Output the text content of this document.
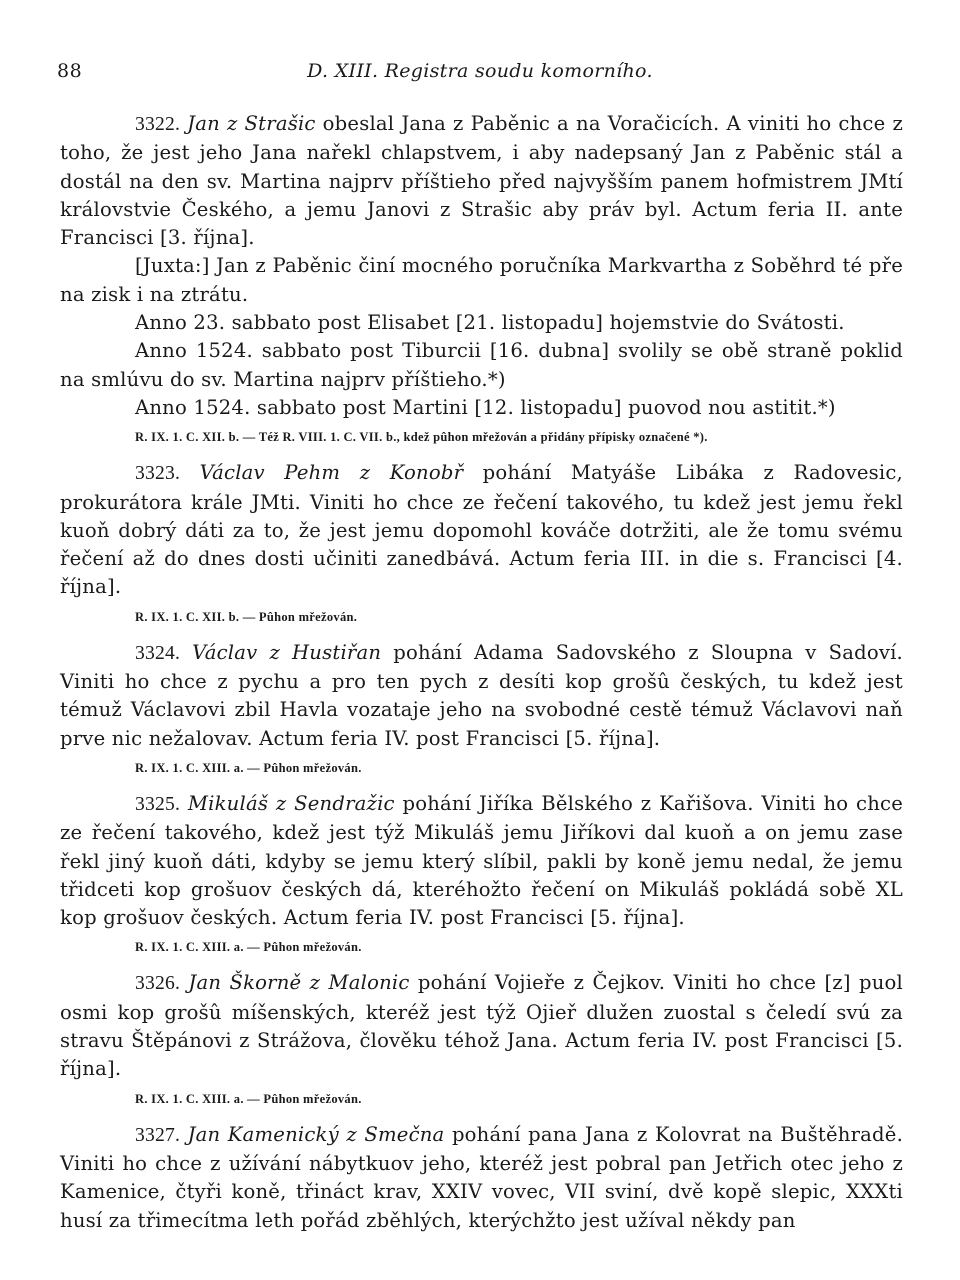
88	D. XIII. Registra soudu komorního.

3322. Jan z Strašic obeslal Jana z Paběnic a na Voračicích. A viniti ho chce z toho, že jest jeho Jana nařekl chlapstvem, i aby nadepsaný Jan z Paběnic stál a dostál na den sv. Martina najprv příštieho před najvyšším panem hofmistrem JMtí královstvie Českého, a jemu Janovi z Strašic aby práv byl. Actum feria II. ante Francisci [3. října].

[Juxta:] Jan z Paběnic činí mocného poručníka Markvartha z Soběhrd té pře na zisk i na ztrátu.

Anno 23. sabbato post Elisabet [21. listopadu] hojemstvie do Svátosti.

Anno 1524. sabbato post Tiburcii [16. dubna] svolily se obě straně poklid na smlúvu do sv. Martina najprv příštieho.*)

Anno 1524. sabbato post Martini [12. listopadu] puovod nou astitit.*)

R. IX. 1. C. XII. b. — Též R. VIII. 1. C. VII. b., kdež pûhon mřežován a přidány přípisky označené *).

3323. Václav Pehm z Konobř pohání Matyáše Libáka z Radovesic, prokurátora krále JMti. Viniti ho chce ze řečení takového, tu kdež jest jemu řekl kuoň dobrý dáti za to, že jest jemu dopomohl kováče dotržiti, ale že tomu svému řečení až do dnes dosti učiniti zanedbává. Actum feria III. in die s. Francisci [4. října].

R. IX. 1. C. XII. b. — Pûhon mřežován.

3324. Václav z Hustiřan pohání Adama Sadovského z Sloupna v Sadoví. Viniti ho chce z pychu a pro ten pych z desíti kop grošû českých, tu kdež jest témuž Václavovi zbil Havla vozataje jeho na svobodné cestě témuž Václavovi naň prve nic nežalovav. Actum feria IV. post Francisci [5. října].

R. IX. 1. C. XIII. a. — Pûhon mřežován.

3325. Mikuláš z Sendražic pohání Jiříka Bělského z Kařišova. Viniti ho chce ze řečení takového, kdež jest týž Mikuláš jemu Jiříkovi dal kuoň a on jemu zase řekl jiný kuoň dáti, kdyby se jemu který slíbil, pakli by koně jemu nedal, že jemu třidceti kop grošuov českých dá, kteréhožto řečení on Mikuláš pokládá sobě XL kop grošuov českých. Actum feria IV. post Francisci [5. října].

R. IX. 1. C. XIII. a. — Pûhon mřežován.

3326. Jan Škorně z Malonic pohání Vojieře z Čejkov. Viniti ho chce [z] puol osmi kop grošû míšenských, kteréž jest týž Ojieř dlužen zuostal s čeledí svú za stravu Štěpánovi z Strážova, člověku téhož Jana. Actum feria IV. post Francisci [5. října].

R. IX. 1. C. XIII. a. — Pûhon mřežován.

3327. Jan Kamenický z Smečna pohání pana Jana z Kolovrat na Buštěhradě. Viniti ho chce z užívání nábytkuov jeho, kteréž jest pobral pan Jetřich otec jeho z Kamenice, čtyři koně, třináct krav, XXIV vovec, VII sviní, dvě kopě slepic, XXXti husí za třimecítma leth pořád zběhlých, kterýchžto jest užíval někdy pan
